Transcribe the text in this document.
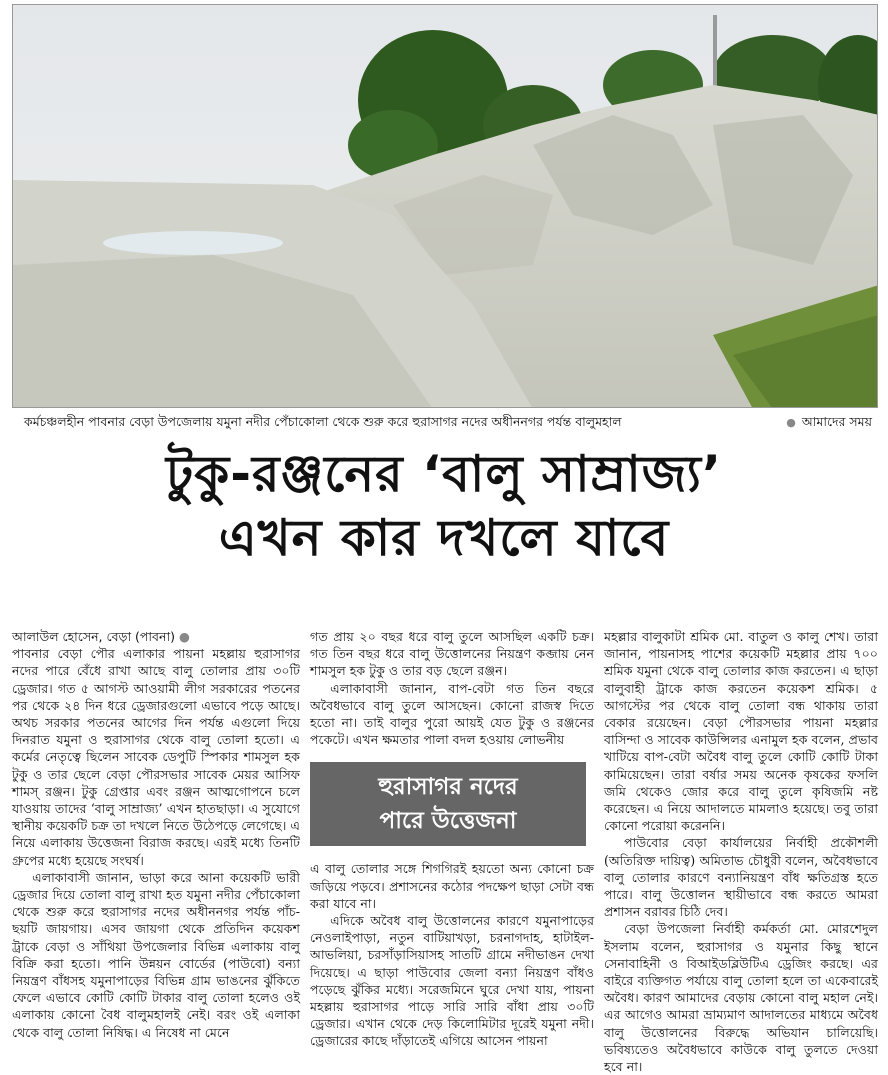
কর্মচঞ্চলহীন পাবনার বেড়া উপজেলায় যমুনা নদীর পেঁচাকোলা থেকে শুরু করে হুরাসাগর নদের অধীননগর পর্যন্ত বালুমহাল
●	আমাদের সময়
টুকু-রঞ্জনের ‘বালু সাম্রাজ্য’
এখন কার দখলে যাবে

আলাউল হোসেন, বেড়া (পাবনা) ●

পাবনার বেড়া পৌর এলাকার পায়না মহল্লায় হুরাসাগর নদের পারে বেঁধে রাখা আছে বালু তোলার প্রায় ৩০টি ড্রেজার। গত ৫ আগস্ট আওয়ামী লীগ সরকারের পতনের পর থেকে ২৪ দিন ধরে ড্রেজারগুলো এভাবে পড়ে আছে। অথচ সরকার পতনের আগের দিন পর্যন্ত এগুলো দিয়ে দিনরাত যমুনা ও হুরাসাগর থেকে বালু তোলা হতো। এ কর্মের নেতৃত্বে ছিলেন সাবেক ডেপুটি স্পিকার শামসুল হক টুকু ও তার ছেলে বেড়া পৌরসভার সাবেক মেয়র আসিফ শামস্ রঞ্জন। টুকু গ্রেপ্তার এবং রঞ্জন আত্মগোপনে চলে যাওয়ায় তাদের ‘বালু সাম্রাজ্য’ এখন হাতছাড়া। এ সুযোগে স্থানীয় কয়েকটি চক্র তা দখলে নিতে উঠেপড়ে লেগেছে। এ নিয়ে এলাকায় উত্তেজনা বিরাজ করছে। এরই মধ্যে তিনটি গ্রুপের মধ্যে হয়েছে সংঘর্ষ।

এলাকাবাসী জানান, ভাড়া করে আনা কয়েকটি ভারী ড্রেজার দিয়ে তোলা বালু রাখা হত যমুনা নদীর পেঁচাকোলা থেকে শুরু করে হুরাসাগর নদের অধীননগর পর্যন্ত পাঁচ-ছয়টি জায়গায়। এসব জায়গা থেকে প্রতিদিন কয়েকশ ট্রাকে বেড়া ও সাঁথিয়া উপজেলার বিভিন্ন এলাকায় বালু বিক্রি করা হতো। পানি উন্নয়ন বোর্ডের (পাউবো) বন্যা নিয়ন্ত্রণ বাঁধসহ যমুনাপাড়ের বিভিন্ন গ্রাম ভাঙনের ঝুঁকিতে ফেলে এভাবে কোটি কোটি টাকার বালু তোলা হলেও ওই এলাকায় কোনো বৈধ বালুমহালই নেই। বরং ওই এলাকা থেকে বালু তোলা নিষিদ্ধ। এ নিষেধ না মেনে

গত প্রায় ২০ বছর ধরে বালু তুলে আসছিল একটি চক্র। গত তিন বছর ধরে বালু উত্তোলনের নিয়ন্ত্রণ কব্জায় নেন শামসুল হক টুকু ও তার বড় ছেলে রঞ্জন।

এলাকাবাসী জানান, বাপ-বেটা গত তিন বছরে অবৈধভাবে বালু তুলে আসছেন। কোনো রাজস্ব দিতে হতো না। তাই বালুর পুরো আয়ই যেত টুকু ও রঞ্জনের পকেটে। এখন ক্ষমতার পালা বদল হওয়ায় লোভনীয়

হুরাসাগর নদের
পারে উত্তেজনা

এ বালু তোলার সঙ্গে শিগগিরই হয়তো অন্য কোনো চক্র জড়িয়ে পড়বে। প্রশাসনের কঠোর পদক্ষেপ ছাড়া সেটা বন্ধ করা যাবে না।

এদিকে অবৈধ বালু উত্তোলনের কারণে যমুনাপাড়ের নেওলাইপাড়া, নতুন বাটিয়াখড়া, চরনাগদাহ, হাটাইল-আভলিয়া, চরসাঁড়াসিয়াসহ সাতটি গ্রামে নদীভাঙন দেখা দিয়েছে। এ ছাড়া পাউবোর জেলা বন্যা নিয়ন্ত্রণ বাঁধও পড়েছে ঝুঁকির মধ্যে। সরেজমিনে ঘুরে দেখা যায়, পায়না মহল্লায় হুরাসাগর পাড়ে সারি সারি বাঁধা প্রায় ৩০টি ড্রেজার। এখান থেকে দেড় কিলোমিটার দূরেই যমুনা নদী। ড্রেজারের কাছে দাঁড়াতেই এগিয়ে আসেন পায়না

মহল্লার বালুকাটা শ্রমিক মো. বাতুল ও কালু শেখ। তারা জানান, পায়নাসহ পাশের কয়েকটি মহল্লার প্রায় ৭০০ শ্রমিক যমুনা থেকে বালু তোলার কাজ করতেন। এ ছাড়া বালুবাহী ট্রাকে কাজ করতেন কয়েকশ শ্রমিক। ৫ আগস্টের পর থেকে বালু তোলা বন্ধ থাকায় তারা বেকার রয়েছেন। বেড়া পৌরসভার পায়না মহল্লার বাসিন্দা ও সাবেক কাউন্সিলর এনামুল হক বলেন, প্রভাব খাটিয়ে বাপ-বেটা অবৈধ বালু তুলে কোটি কোটি টাকা কামিয়েছেন। তারা বর্ষার সময় অনেক কৃষকের ফসলি জমি থেকেও জোর করে বালু তুলে কৃষিজমি নষ্ট করেছেন। এ নিয়ে আদালতে মামলাও হয়েছে। তবু তারা কোনো পরোয়া করেননি।

পাউবোর বেড়া কার্যালয়ের নির্বাহী প্রকৌশলী (অতিরিক্ত দায়িত্ব) অমিতাভ চৌধুরী বলেন, অবৈধভাবে বালু তোলার কারণে বন্যানিয়ন্ত্রণ বাঁধ ক্ষতিগ্রস্ত হতে পারে। বালু উত্তোলন স্থায়ীভাবে বন্ধ করতে আমরা প্রশাসন বরাবর চিঠি দেব।

বেড়া উপজেলা নির্বাহী কর্মকর্তা মো. মোরশেদুল ইসলাম বলেন, হুরাসাগর ও যমুনার কিছু স্থানে সেনাবাহিনী ও বিআইডব্লিউটিএ ড্রেজিং করছে। এর বাইরে ব্যক্তিগত পর্যায়ে বালু তোলা হলে তা একেবারেই অবৈধ। কারণ আমাদের বেড়ায় কোনো বালু মহাল নেই। এর আগেও আমরা ভ্রাম্যমাণ আদালতের মাধ্যমে অবৈধ বালু উত্তোলনের বিরুদ্ধে অভিযান চালিয়েছি। ভবিষ্যতেও অবৈধভাবে কাউকে বালু তুলতে দেওয়া হবে না।
